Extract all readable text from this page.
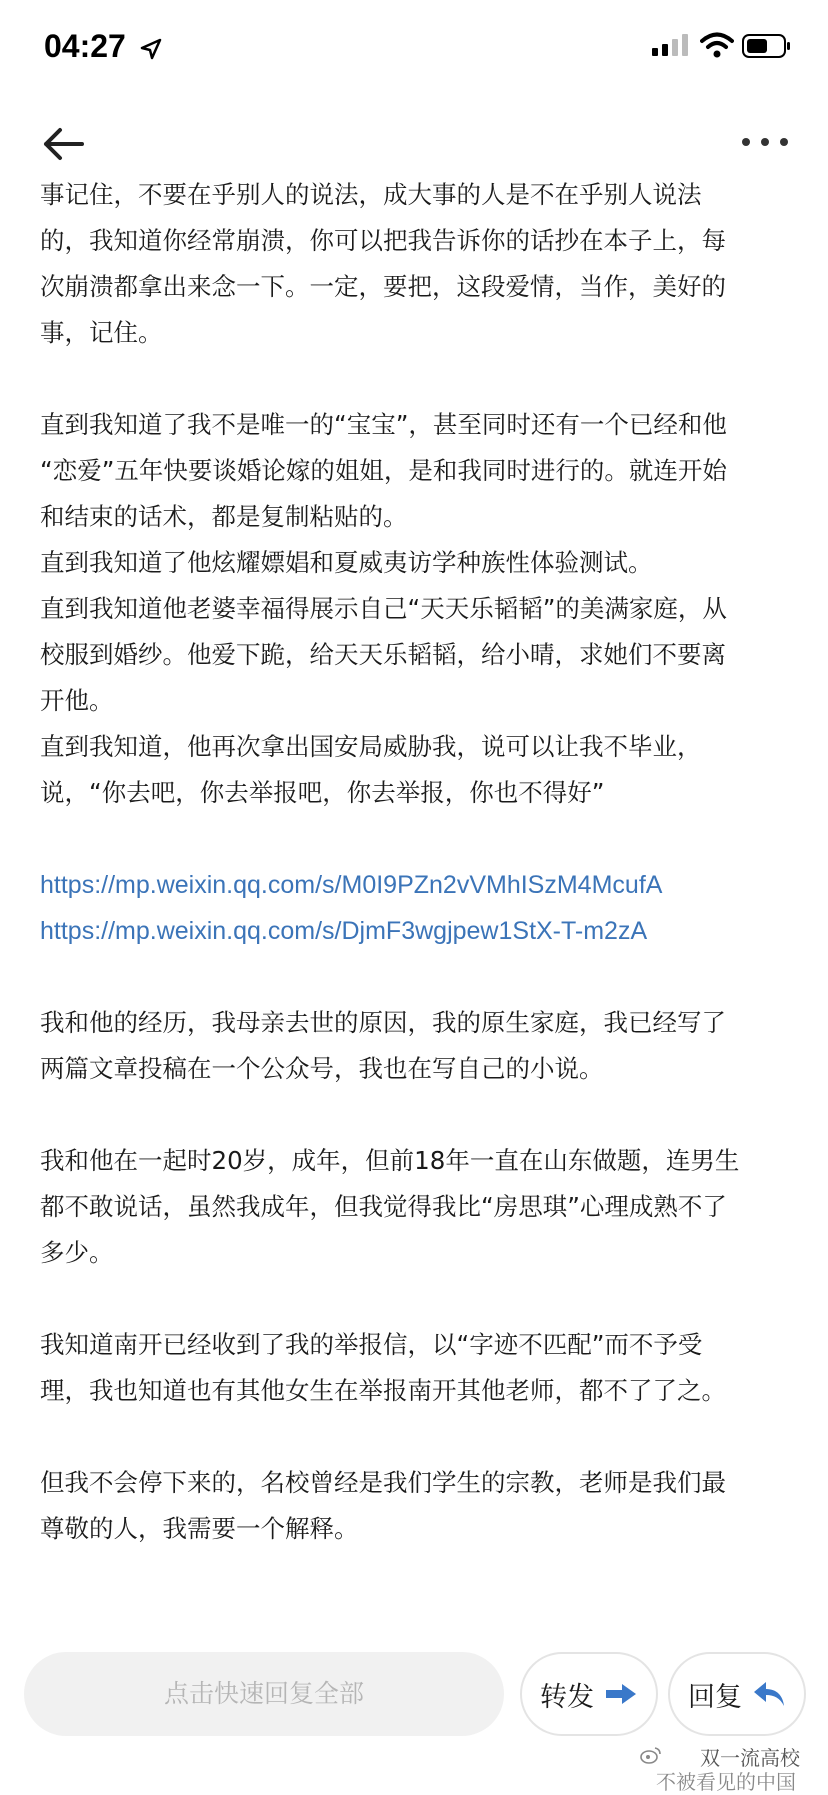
04:27

事记住，不要在乎别人的说法，成大事的人是不在乎别人说法

的，我知道你经常崩溃，你可以把我告诉你的话抄在本子上，每

次崩溃都拿出来念一下。一定，要把，这段爱情，当作，美好的

事，记住。

直到我知道了我不是唯一的“宝宝”，甚至同时还有一个已经和他

“恋爱”五年快要谈婚论嫁的姐姐，是和我同时进行的。就连开始

和结束的话术，都是复制粘贴的。

直到我知道了他炫耀嫖娼和夏威夷访学种族性体验测试。

直到我知道他老婆幸福得展示自己“天天乐韬韬”的美满家庭，从

校服到婚纱。他爱下跪，给天天乐韬韬，给小晴，求她们不要离

开他。

直到我知道，他再次拿出国安局威胁我，说可以让我不毕业，

说，“你去吧，你去举报吧，你去举报，你也不得好”

https://mp.weixin.qq.com/s/M0I9PZn2vVMhISzM4McufA
https://mp.weixin.qq.com/s/DjmF3wgjpew1StX-T-m2zA

我和他的经历，我母亲去世的原因，我的原生家庭，我已经写了

两篇文章投稿在一个公众号，我也在写自己的小说。

我和他在一起时20岁，成年，但前18年一直在山东做题，连男生

都不敢说话，虽然我成年，但我觉得我比“房思琪”心理成熟不了

多少。

我知道南开已经收到了我的举报信，以“字迹不匹配”而不予受

理，我也知道也有其他女生在举报南开其他老师，都不了了之。

但我不会停下来的，名校曾经是我们学生的宗教，老师是我们最

尊敬的人，我需要一个解释。

点击快速回复全部	转发	回复
双一流高校
不被看见的中国
